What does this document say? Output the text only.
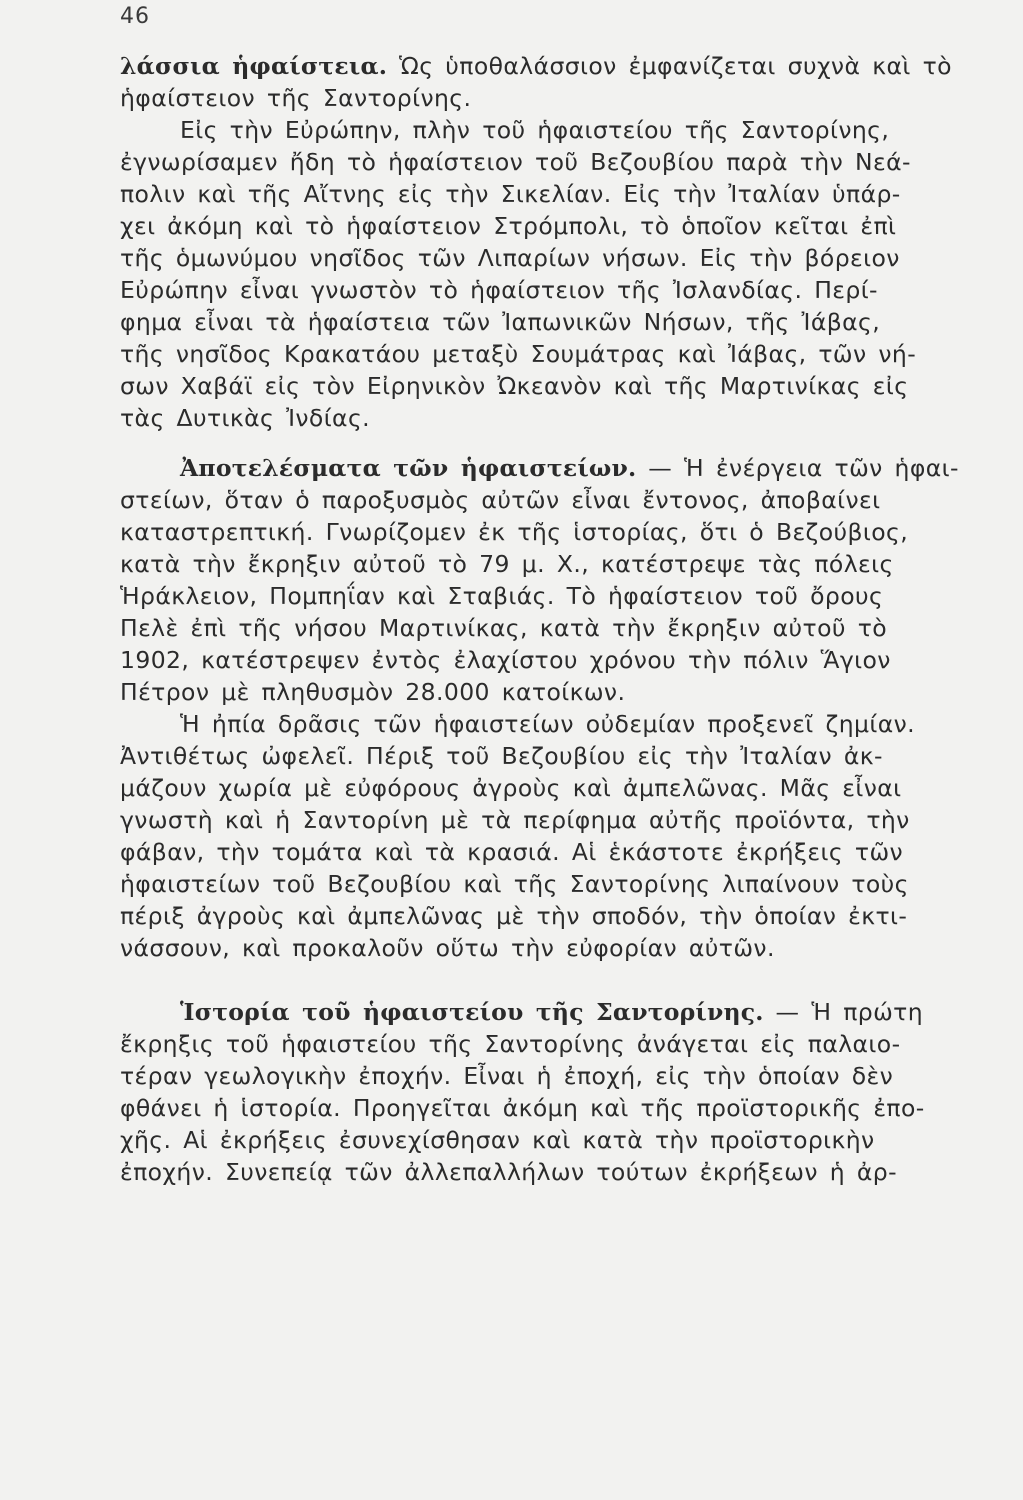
46
λάσσια ἡφαίστεια. Ὡς ὑποθαλάσσιον ἐμφανίζεται συχνὰ καὶ τὸ
ἡφαίστειον τῆς Σαντορίνης.
Εἰς τὴν Εὐρώπην, πλὴν τοῦ ἡφαιστείου τῆς Σαντορίνης,
ἐγνωρίσαμεν ἤδη τὸ ἡφαίστειον τοῦ Βεζουβίου παρὰ τὴν Νεά-
πολιν καὶ τῆς Αἴτνης εἰς τὴν Σικελίαν. Εἰς τὴν Ἰταλίαν ὑπάρ-
χει ἀκόμη καὶ τὸ ἡφαίστειον Στρόμπολι, τὸ ὁποῖον κεῖται ἐπὶ
τῆς ὁμωνύμου νησῖδος τῶν Λιπαρίων νήσων. Εἰς τὴν βόρειον
Εὐρώπην εἶναι γνωστὸν τὸ ἡφαίστειον τῆς Ἰσλανδίας. Περί-
φημα εἶναι τὰ ἡφαίστεια τῶν Ἰαπωνικῶν Νήσων, τῆς Ἰάβας,
τῆς νησῖδος Κρακατάου μεταξὺ Σουμάτρας καὶ Ἰάβας, τῶν νή-
σων Χαβάϊ εἰς τὸν Εἰρηνικὸν Ὠκεανὸν καὶ τῆς Μαρτινίκας εἰς
τὰς Δυτικὰς Ἰνδίας.
Ἀποτελέσματα τῶν ἡφαιστείων. — Ἡ ἐνέργεια τῶν ἡφαι-
στείων, ὅταν ὁ παροξυσμὸς αὐτῶν εἶναι ἔντονος, ἀποβαίνει
καταστρεπτική. Γνωρίζομεν ἐκ τῆς ἱστορίας, ὅτι ὁ Βεζούβιος,
κατὰ τὴν ἔκρηξιν αὐτοῦ τὸ 79 μ. Χ., κατέστρεψε τὰς πόλεις
Ἡράκλειον, Πομπηΐαν καὶ Σταβιάς. Τὸ ἡφαίστειον τοῦ ὄρους
Πελὲ ἐπὶ τῆς νήσου Μαρτινίκας, κατὰ τὴν ἔκρηξιν αὐτοῦ τὸ
1902, κατέστρεψεν ἐντὸς ἐλαχίστου χρόνου τὴν πόλιν Ἅγιον
Πέτρον μὲ πληθυσμὸν 28.000 κατοίκων.
Ἡ ἠπία δρᾶσις τῶν ἡφαιστείων οὐδεμίαν προξενεῖ ζημίαν.
Ἀντιθέτως ὠφελεῖ. Πέριξ τοῦ Βεζουβίου εἰς τὴν Ἰταλίαν ἀκ-
μάζουν χωρία μὲ εὐφόρους ἀγροὺς καὶ ἀμπελῶνας. Μᾶς εἶναι
γνωστὴ καὶ ἡ Σαντορίνη μὲ τὰ περίφημα αὐτῆς προϊόντα, τὴν
φάβαν, τὴν τομάτα καὶ τὰ κρασιά. Αἱ ἑκάστοτε ἐκρήξεις τῶν
ἡφαιστείων τοῦ Βεζουβίου καὶ τῆς Σαντορίνης λιπαίνουν τοὺς
πέριξ ἀγροὺς καὶ ἀμπελῶνας μὲ τὴν σποδόν, τὴν ὁποίαν ἐκτι-
νάσσουν, καὶ προκαλοῦν οὕτω τὴν εὐφορίαν αὐτῶν.
Ἱστορία τοῦ ἡφαιστείου τῆς Σαντορίνης. — Ἡ πρώτη
ἔκρηξις τοῦ ἡφαιστείου τῆς Σαντορίνης ἀνάγεται εἰς παλαιο-
τέραν γεωλογικὴν ἐποχήν. Εἶναι ἡ ἐποχή, εἰς τὴν ὁποίαν δὲν
φθάνει ἡ ἱστορία. Προηγεῖται ἀκόμη καὶ τῆς προϊστορικῆς ἐπο-
χῆς. Αἱ ἐκρήξεις ἐσυνεχίσθησαν καὶ κατὰ τὴν προϊστορικὴν
ἐποχήν. Συνεπείᾳ τῶν ἀλλεπαλλήλων τούτων ἐκρήξεων ἡ ἀρ-
